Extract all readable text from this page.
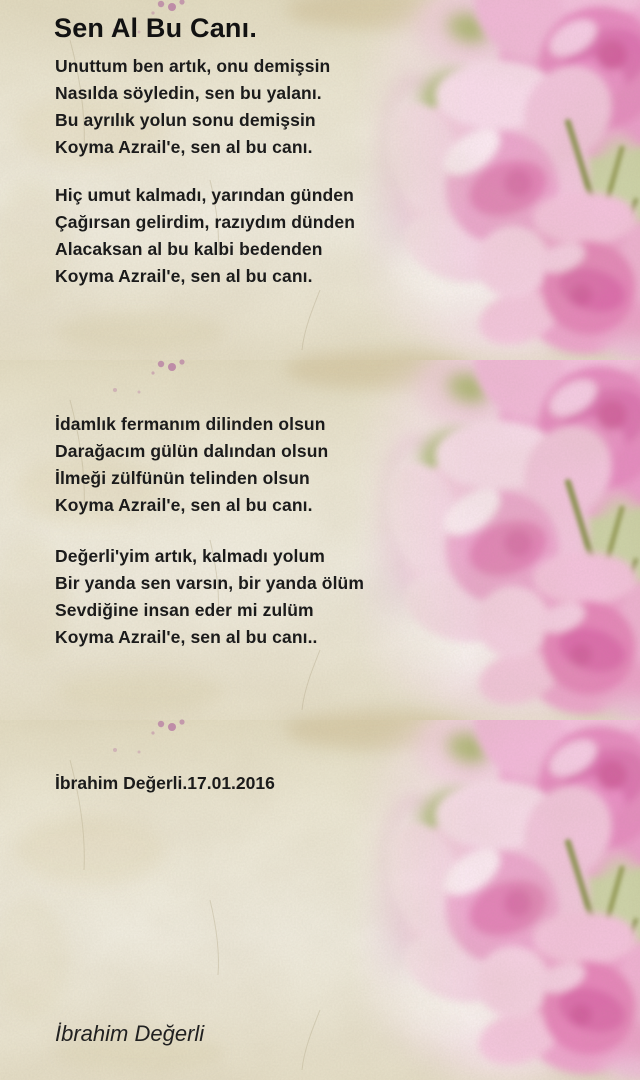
Sen Al Bu Canı.
Unuttum ben artık, onu demişsin
Nasılda söyledin, sen bu yalanı.
Bu ayrılık yolun sonu demişsin
Koyma Azrail'e, sen al bu canı.
Hiç umut kalmadı, yarından günden
Çağırsan gelirdim, razıydım dünden
Alacaksan al bu kalbi bedenden
Koyma Azrail'e, sen al bu canı.
İdamlık fermanım dilinden olsun
Darağacım gülün dalından olsun
İlmeği zülfünün telinden olsun
Koyma Azrail'e, sen al bu canı.
Değerli'yim artık, kalmadı yolum
Bir yanda sen varsın, bir yanda ölüm
Sevdiğine insan eder mi zulüm
Koyma Azrail'e, sen al bu canı..
İbrahim Değerli.17.01.2016
İbrahim Değerli
